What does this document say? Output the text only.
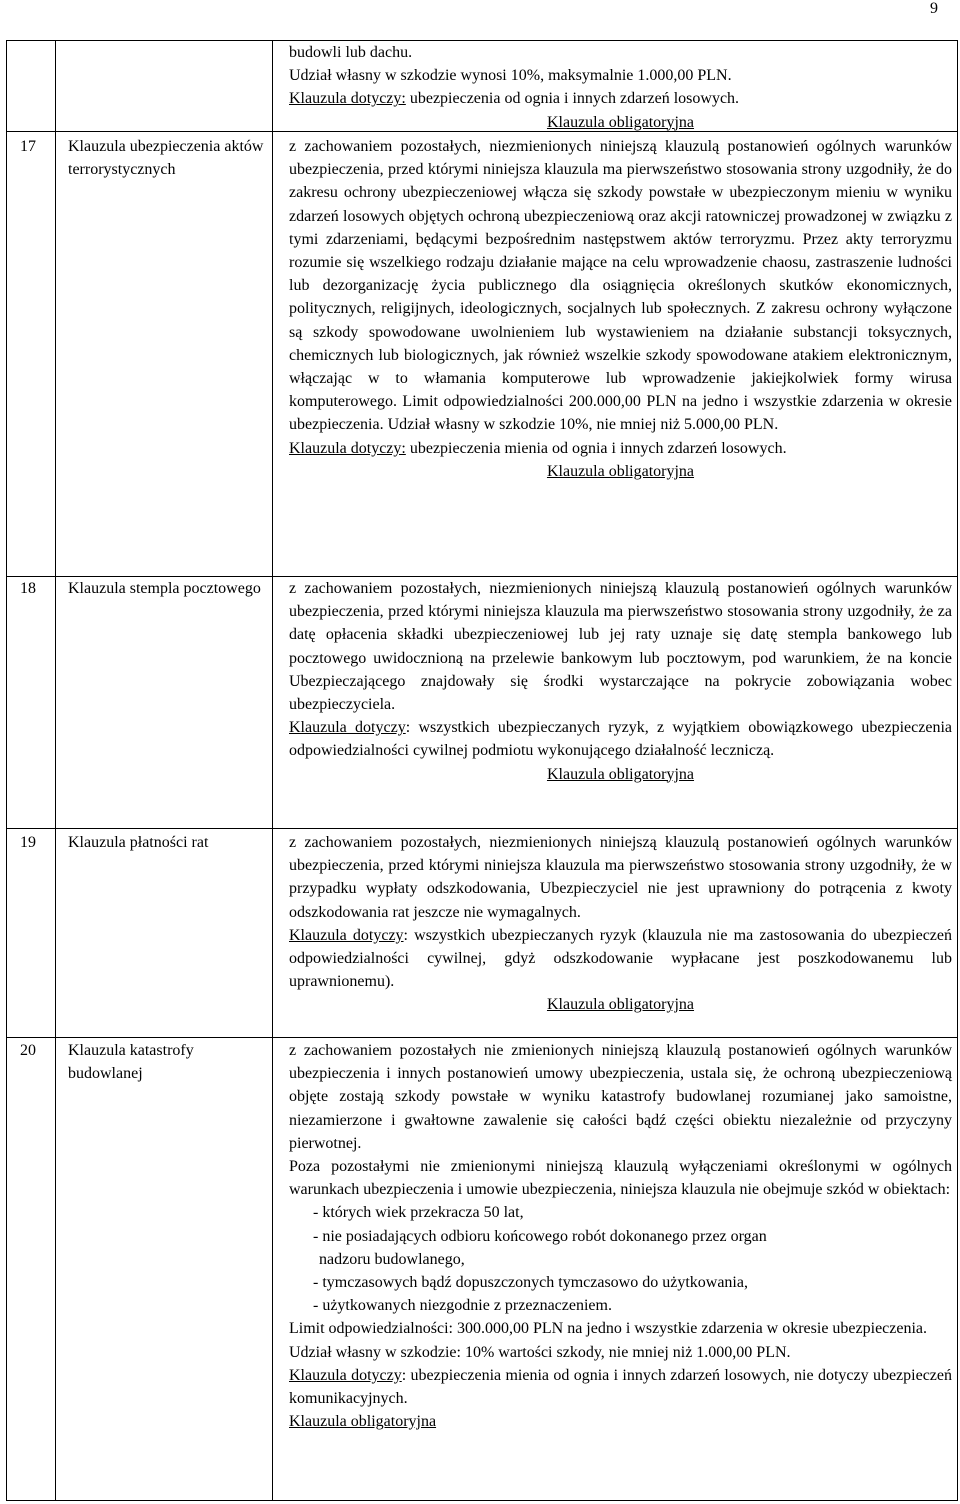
9

budowli lub dachu.

Udział własny w szkodzie wynosi 10%, maksymalnie 1.000,00 PLN.

Klauzula dotyczy: ubezpieczenia od ognia i innych zdarzeń losowych.

Klauzula obligatoryjna

17 Klauzula ubezpieczenia aktów terrorystycznych

z zachowaniem pozostałych, niezmienionych niniejszą klauzulą postanowień ogólnych warunków ubezpieczenia, przed którymi niniejsza klauzula ma pierwszeństwo stosowania strony uzgodniły, że do zakresu ochrony ubezpieczeniowej włącza się szkody powstałe w ubezpieczonym mieniu w wyniku zdarzeń losowych objętych ochroną ubezpieczeniową oraz akcji ratowniczej prowadzonej w związku z tymi zdarzeniami, będącymi bezpośrednim następstwem aktów terroryzmu. Przez akty terroryzmu rozumie się wszelkiego rodzaju działanie mające na celu wprowadzenie chaosu, zastraszenie ludności lub dezorganizację życia publicznego dla osiągnięcia określonych skutków ekonomicznych, politycznych, religijnych, ideologicznych, socjalnych lub społecznych. Z zakresu ochrony wyłączone są szkody spowodowane uwolnieniem lub wystawieniem na działanie substancji toksycznych, chemicznych lub biologicznych, jak również wszelkie szkody spowodowane atakiem elektronicznym, włączając w to włamania komputerowe lub wprowadzenie jakiejkolwiek formy wirusa komputerowego. Limit odpowiedzialności 200.000,00 PLN na jedno i wszystkie zdarzenia w okresie ubezpieczenia. Udział własny w szkodzie 10%, nie mniej niż 5.000,00 PLN.

Klauzula dotyczy: ubezpieczenia mienia od ognia i innych zdarzeń losowych.

Klauzula obligatoryjna

18 Klauzula stempla pocztowego	z zachowaniem pozostałych, niezmienionych niniejszą klauzulą postanowień ogólnych warunków ubezpieczenia, przed którymi niniejsza klauzula ma pierwszeństwo stosowania strony uzgodniły, że za datę opłacenia składki ubezpieczeniowej lub jej raty uznaje się datę stempla bankowego lub pocztowego uwidocznioną na przelewie bankowym lub pocztowym, pod warunkiem, że na koncie Ubezpieczającego znajdowały się środki wystarczające na pokrycie zobowiązania wobec ubezpieczyciela.

Klauzula dotyczy: wszystkich ubezpieczanych ryzyk, z wyjątkiem obowiązkowego ubezpieczenia odpowiedzialności cywilnej podmiotu wykonującego działalność leczniczą.

Klauzula obligatoryjna

19 Klauzula płatności rat	z zachowaniem pozostałych, niezmienionych niniejszą klauzulą postanowień ogólnych warunków ubezpieczenia, przed którymi niniejsza klauzula ma pierwszeństwo stosowania strony uzgodniły, że w przypadku wypłaty odszkodowania, Ubezpieczyciel nie jest uprawniony do potrącenia z kwoty odszkodowania rat jeszcze nie wymagalnych.

Klauzula dotyczy: wszystkich ubezpieczanych ryzyk (klauzula nie ma zastosowania do ubezpieczeń odpowiedzialności cywilnej, gdyż odszkodowanie wypłacane jest poszkodowanemu lub uprawnionemu).

Klauzula obligatoryjna

20 Klauzula katastrofy budowlanej

z zachowaniem pozostałych nie zmienionych niniejszą klauzulą postanowień ogólnych warunków ubezpieczenia i innych postanowień umowy ubezpieczenia, ustala się, że ochroną ubezpieczeniową objęte zostają szkody powstałe w wyniku katastrofy budowlanej rozumianej jako samoistne, niezamierzone i gwałtowne zawalenie się całości bądź części obiektu niezależnie od przyczyny pierwotnej.

Poza pozostałymi nie zmienionymi niniejszą klauzulą wyłączeniami określonymi w ogólnych warunkach ubezpieczenia i umowie ubezpieczenia, niniejsza klauzula nie obejmuje szkód w obiektach:

- których wiek przekracza 50 lat,

- nie posiadających odbioru końcowego robót dokonanego przez organ

nadzoru budowlanego,

- tymczasowych bądź dopuszczonych tymczasowo do użytkowania,

- użytkowanych niezgodnie z przeznaczeniem.

Limit odpowiedzialności: 300.000,00 PLN na jedno i wszystkie zdarzenia w okresie ubezpieczenia.

Udział własny w szkodzie: 10% wartości szkody, nie mniej niż 1.000,00 PLN.

Klauzula dotyczy: ubezpieczenia mienia od ognia i innych zdarzeń losowych, nie dotyczy ubezpieczeń komunikacyjnych.

Klauzula obligatoryjna
